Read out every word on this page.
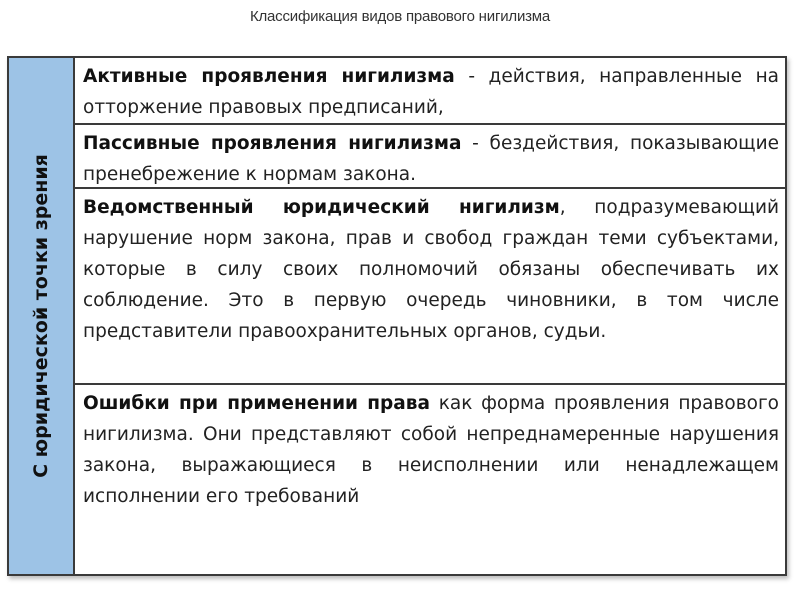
Классификация видов правового нигилизма
С юридической точки зрения
Активные проявления нигилизма - действия, направленные на отторжение правовых предписаний,
Пассивные проявления нигилизма - бездействия, показывающие пренебрежение к нормам закона.
Ведомственный юридический нигилизм, подразумевающий нарушение норм закона, прав и свобод граждан теми субъектами, которые в силу своих полномочий обязаны обеспечивать их соблюдение. Это в первую очередь чиновники, в том числе представители правоохранительных органов, судьи.
Ошибки при применении права как форма проявления правового нигилизма. Они представляют собой непреднамеренные нарушения закона, выражающиеся в неисполнении или ненадлежащем исполнении его требований
